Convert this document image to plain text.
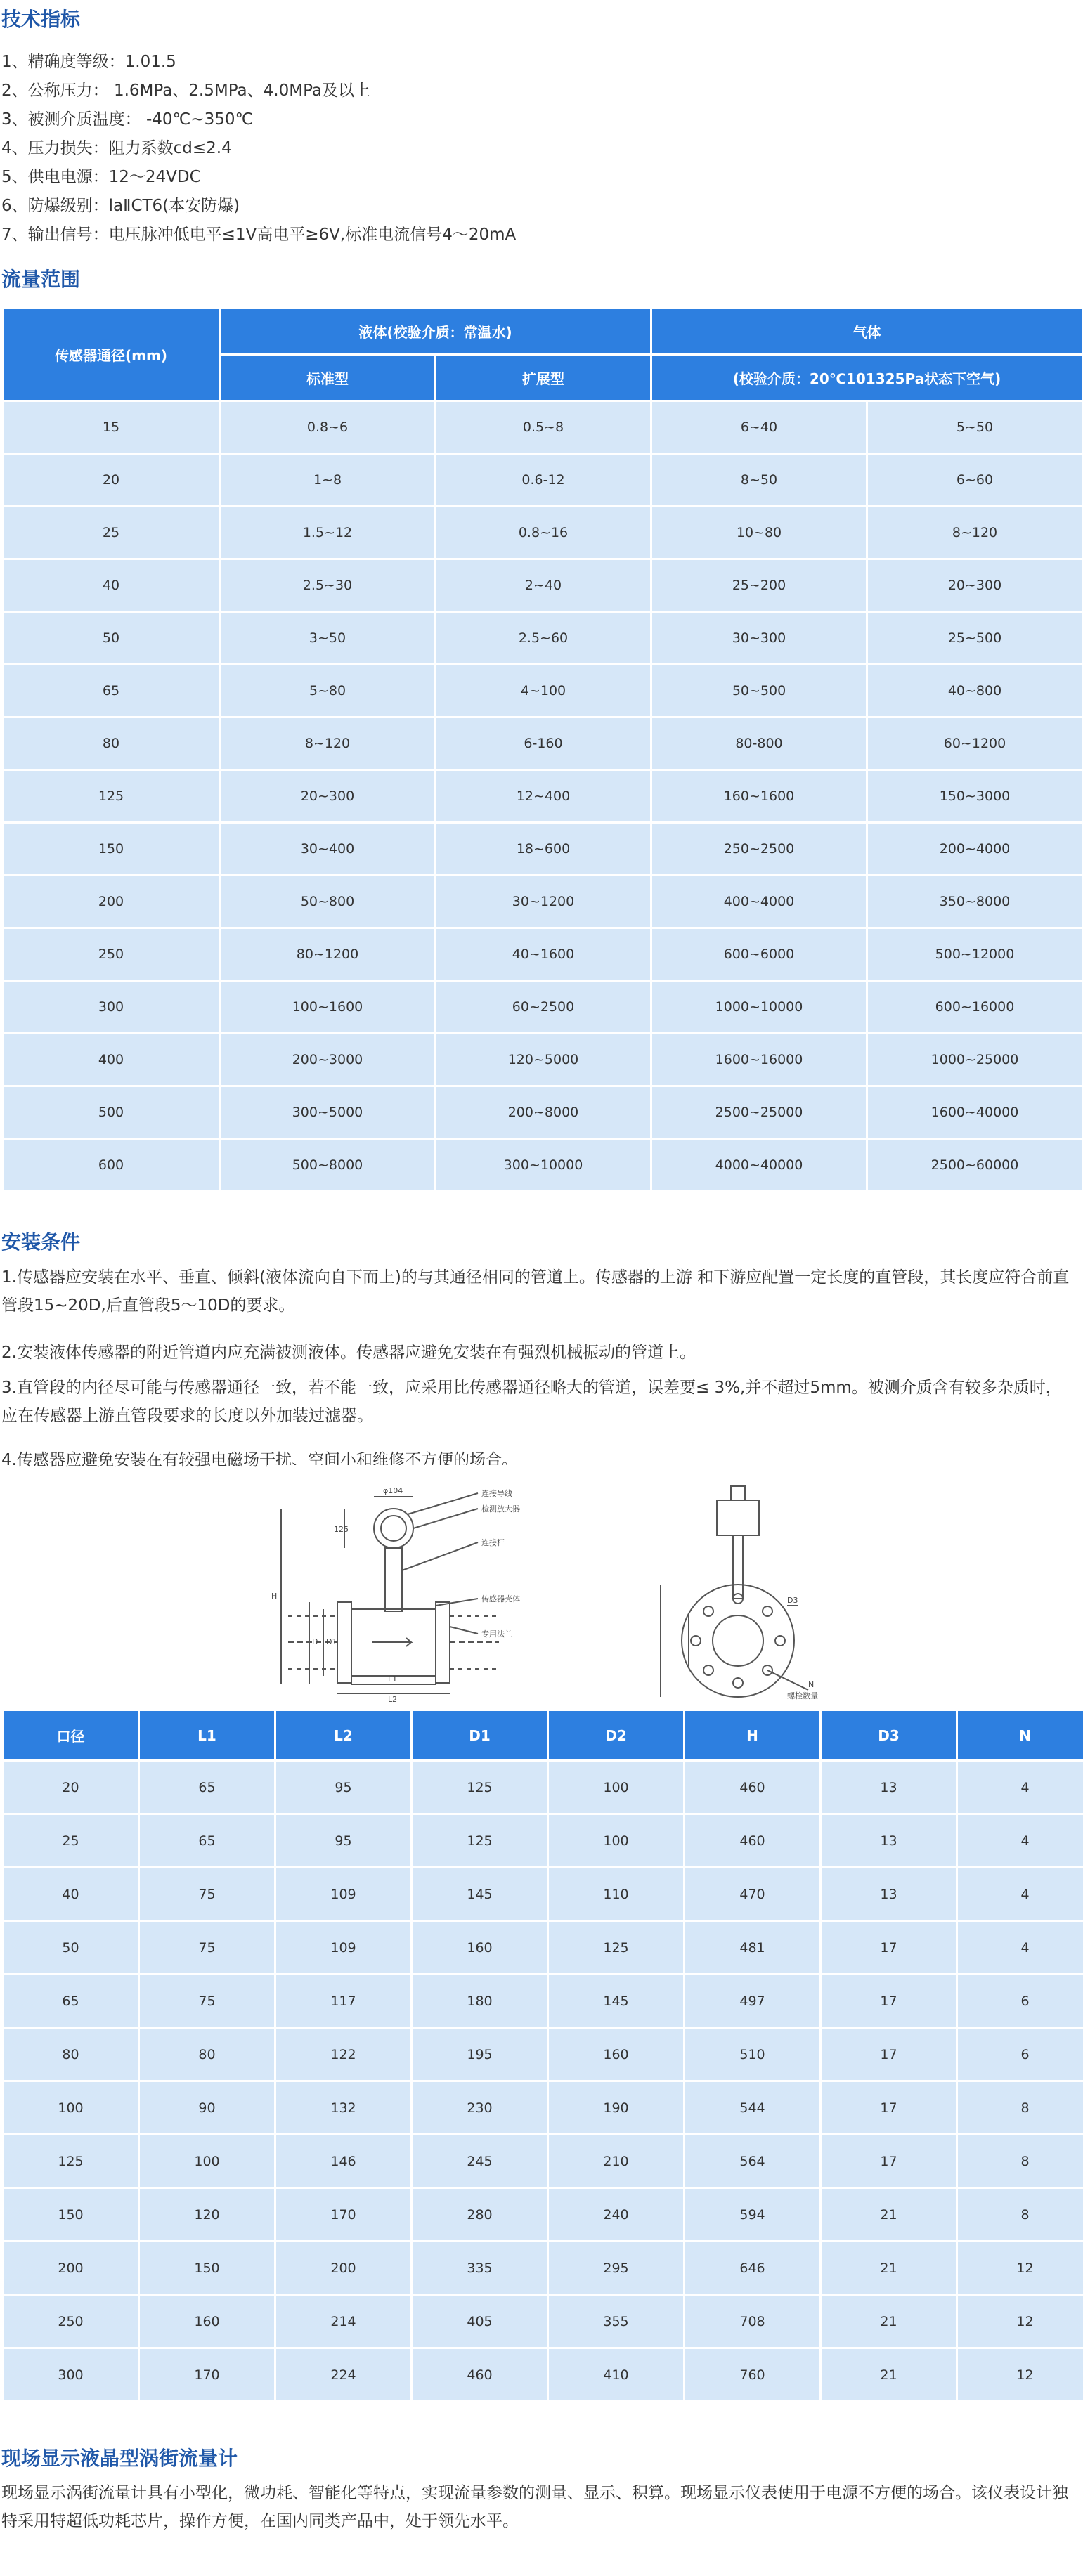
技术指标
1、精确度等级：1.01.5
2、公称压力： 1.6MPa、2.5MPa、4.0MPa及以上
3、被测介质温度： -40℃~350℃
4、压力损失：阻力系数cd≤2.4
5、供电电源：12～24VDC
6、防爆级别：laⅡCT6(本安防爆)
7、输出信号：电压脉冲低电平≤1V高电平≥6V,标准电流信号4～20mA
流量范围
传感器通径(mm)	液体(校验介质：常温水)		气体	
	标准型	扩展型	(校验介质：20℃101325Pa状态下空气)	
15	0.8~6	0.5~8	6~40	5~50
20	1~8	0.6-12	8~50	6~60
25	1.5~12	0.8~16	10~80	8~120
40	2.5~30	2~40	25~200	20~300
50	3~50	2.5~60	30~300	25~500
65	5~80	4~100	50~500	40~800
80	8~120	6-160	80-800	60~1200
125	20~300	12~400	160~1600	150~3000
150	30~400	18~600	250~2500	200~4000
200	50~800	30~1200	400~4000	350~8000
250	80~1200	40~1600	600~6000	500~12000
300	100~1600	60~2500	1000~10000	600~16000
400	200~3000	120~5000	1600~16000	1000~25000
500	300~5000	200~8000	2500~25000	1600~40000
600	500~8000	300~10000	4000~40000	2500~60000
安装条件
1.传感器应安装在水平、垂直、倾斜(液体流向自下而上)的与其通径相同的管道上。传感器的上游 和下游应配置一定长度的直管段，其长度应符合前直管段15~20D,后直管段5～10D的要求。
2.安装液体传感器的附近管道内应充满被测液体。传感器应避免安装在有强烈机械振动的管道上。
3.直管段的内径尽可能与传感器通径一致，若不能一致，应采用比传感器通径略大的管道，误差要≤ 3%,并不超过5mm。被测介质含有较多杂质时，应在传感器上游直管段要求的长度以外加装过滤器。
4.传感器应避免安装在有较强电磁场干扰、空间小和维修不方便的场合。
连接导线
检测放大器
连接杆
传感器壳体
专用法兰
φ104
125
H
D D1
L1
L2	螺栓数量
D3
N
口径	L1	L2	D1	D2	H	D3	N
20	65	95	125	100	460	13	4
25	65	95	125	100	460	13	4
40	75	109	145	110	470	13	4
50	75	109	160	125	481	17	4
65	75	117	180	145	497	17	6
80	80	122	195	160	510	17	6
100	90	132	230	190	544	17	8
125	100	146	245	210	564	17	8
150	120	170	280	240	594	21	8
200	150	200	335	295	646	21	12
250	160	214	405	355	708	21	12
300	170	224	460	410	760	21	12
现场显示液晶型涡街流量计
现场显示涡街流量计具有小型化，微功耗、智能化等特点，实现流量参数的测量、显示、积算。现场显示仪表使用于电源不方便的场合。该仪表设计独特采用特超低功耗芯片，操作方便，在国内同类产品中，处于领先水平。
